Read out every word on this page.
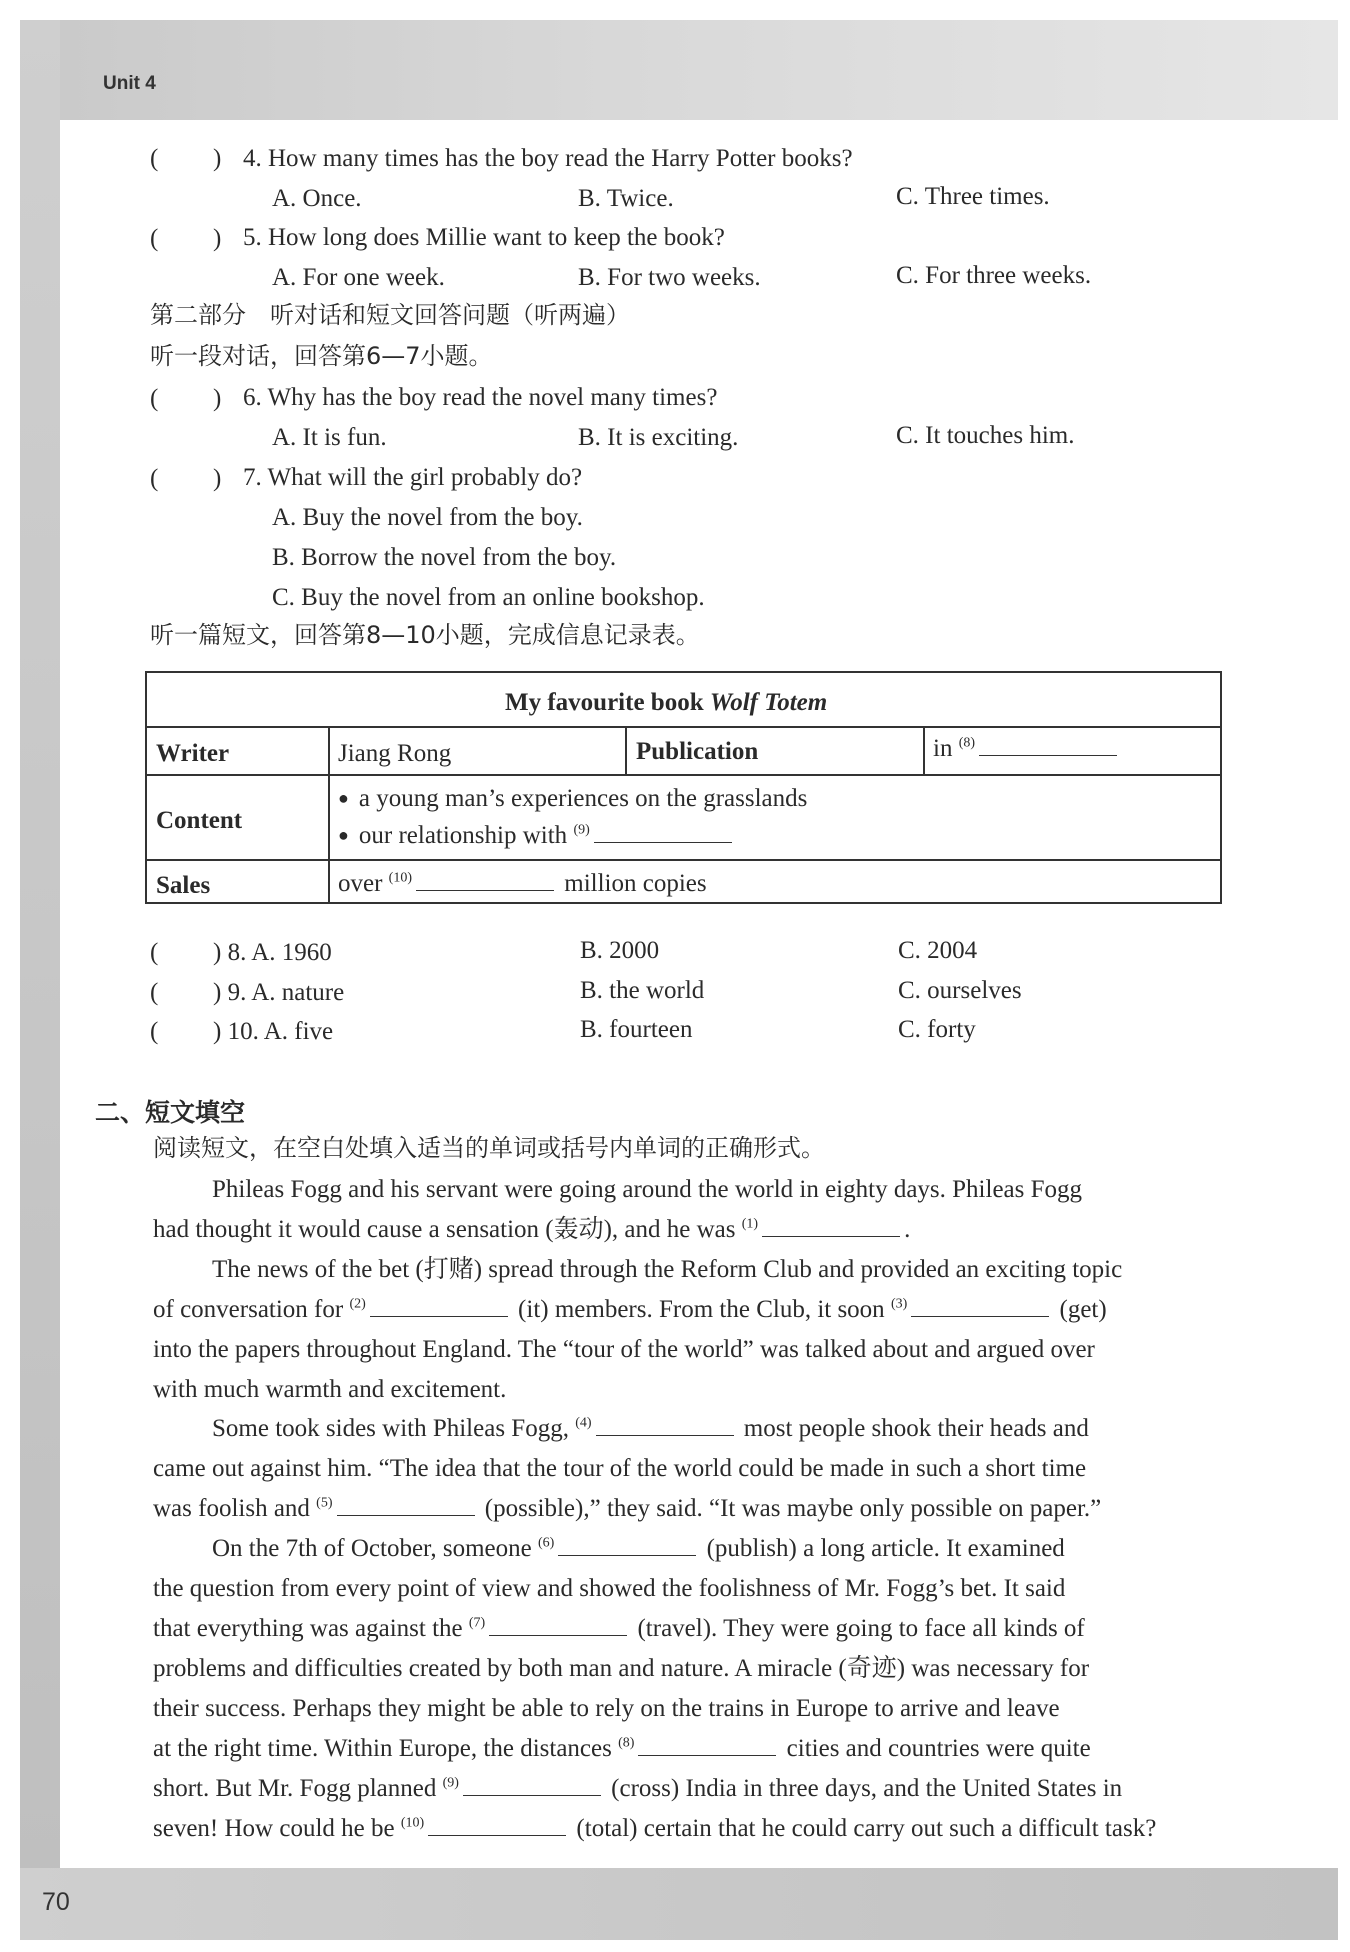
Unit 4
( ) 4. How many times has the boy read the Harry Potter books?
A. Once.	B. Twice.	C. Three times.
( ) 5. How long does Millie want to keep the book?
A. For one week.	B. For two weeks.	C. For three weeks.
第二部分　听对话和短文回答问题（听两遍）
听一段对话，回答第6—7小题。
( ) 6. Why has the boy read the novel many times?
A. It is fun.	B. It is exciting.	C. It touches him.
( ) 7. What will the girl probably do?
A. Buy the novel from the boy.
B. Borrow the novel from the boy.
C. Buy the novel from an online bookshop.
听一篇短文，回答第8—10小题，完成信息记录表。
My favourite book Wolf Totem
Writer	Jiang Rong	Publication	in $^{(8)}$
Content
● a young man’s experiences on the grasslands
● our relationship with $^{(9)}$
Sales	over $^{(10)}$	million copies
( ) 8. A. 1960	B. 2000	C. 2004
( ) 9. A. nature	B. the world	C. ourselves
( ) 10. A. five	B. fourteen	C. forty
二、短文填空
阅读短文，在空白处填入适当的单词或括号内单词的正确形式。
Phileas Fogg and his servant were going around the world in eighty days. Phileas Fogg
had thought it would cause a sensation (轰动), and he was $^{(1)}$	.
The news of the bet (打赌) spread through the Reform Club and provided an exciting topic
of conversation for $^{(2)}$	(it) members. From the Club, it soon $^{(3)}$	(get)
into the papers throughout England. The “tour of the world” was talked about and argued over
with much warmth and excitement.
Some took sides with Phileas Fogg, $^{(4)}$	most people shook their heads and
came out against him. “The idea that the tour of the world could be made in such a short time
was foolish and $^{(5)}$	(possible),” they said. “It was maybe only possible on paper.”
On the 7th of October, someone $^{(6)}$	(publish) a long article. It examined
the question from every point of view and showed the foolishness of Mr. Fogg’s bet. It said
that everything was against the $^{(7)}$	(travel). They were going to face all kinds of
problems and difficulties created by both man and nature. A miracle (奇迹) was necessary for
their success. Perhaps they might be able to rely on the trains in Europe to arrive and leave
at the right time. Within Europe, the distances $^{(8)}$	cities and countries were quite
short. But Mr. Fogg planned $^{(9)}$	(cross) India in three days, and the United States in
seven! How could he be $^{(10)}$	(total) certain that he could carry out such a difficult task?
70
